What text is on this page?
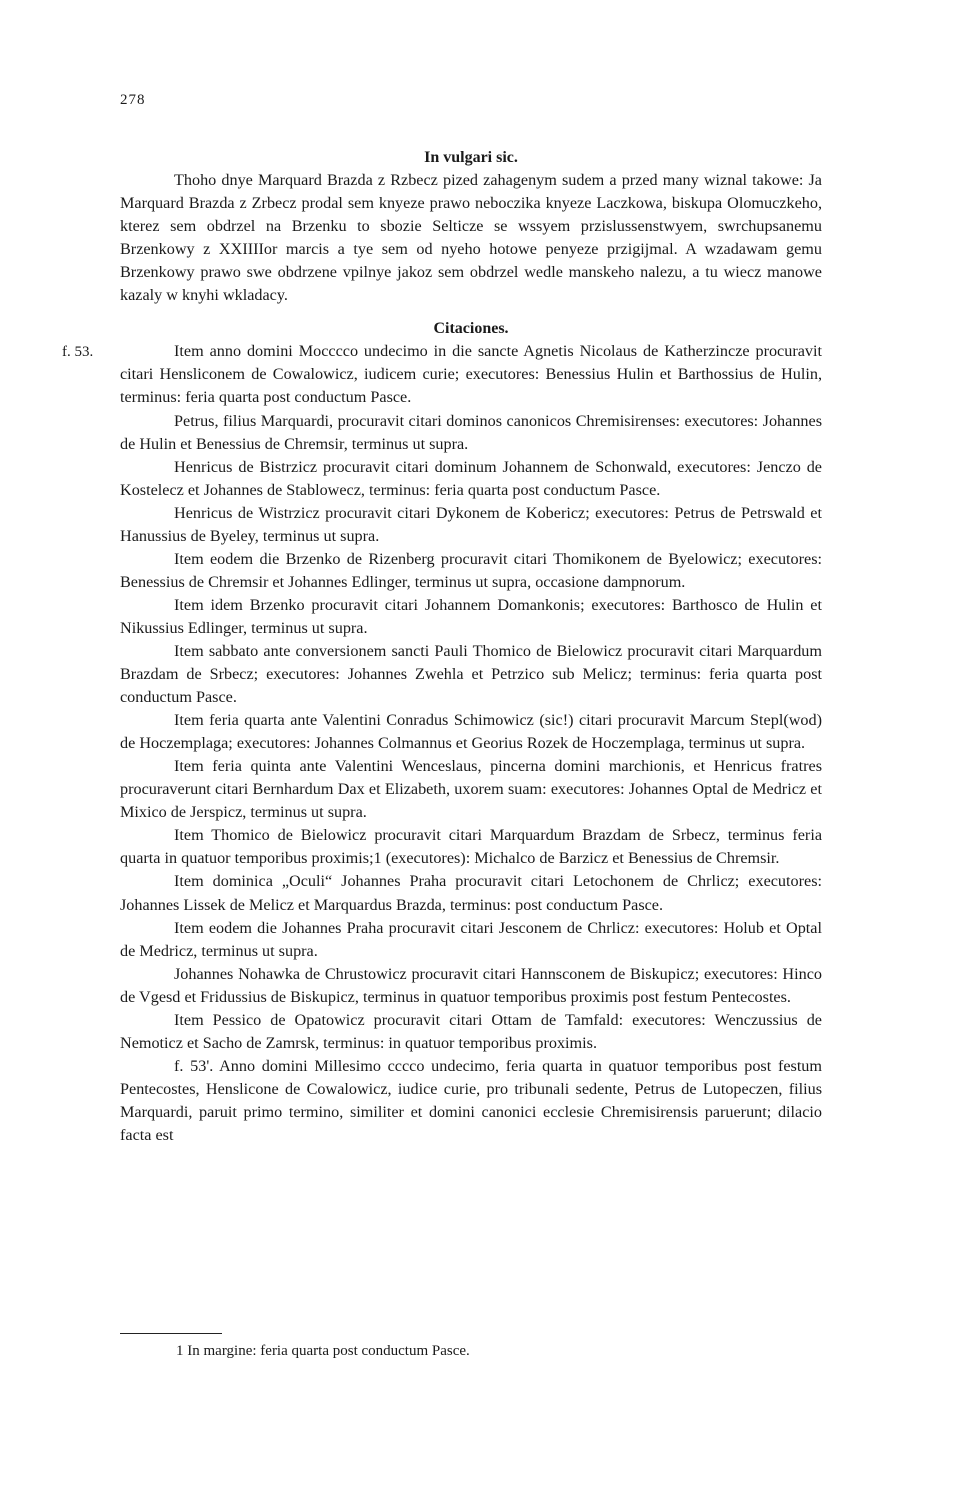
278
f. 53.

In vulgari sic.

Thoho dnye Marquard Brazda z Rzbecz pized zahagenym sudem a przed many wiznal takowe: Ja Marquard Brazda z Zrbecz prodal sem knyeze prawo neboczika knyeze Laczkowa, biskupa Olomuczkeho, kterez sem obdrzel na Brzenku to sbozie Selticze se wssyem przislussenstwyem, swrchupsanemu Brzenkowy z XXIIIIor marcis a tye sem od nyeho hotowe penyeze przigijmal. A wzadawam gemu Brzenkowy prawo swe obdrzene vpilnye jakoz sem obdrzel wedle manskeho nalezu, a tu wiecz manowe kazaly w knyhi wkladacy.

Citaciones.

Item anno domini Mocccco undecimo in die sancte Agnetis Nicolaus de Katherzincze procuravit citari Hensliconem de Cowalowicz, iudicem curie; executores: Benessius Hulin et Barthossius de Hulin, terminus: feria quarta post conductum Pasce.

Petrus, filius Marquardi, procuravit citari dominos canonicos Chremisirenses: executores: Johannes de Hulin et Benessius de Chremsir, terminus ut supra.

Henricus de Bistrzicz procuravit citari dominum Johannem de Schonwald, executores: Jenczo de Kostelecz et Johannes de Stablowecz, terminus: feria quarta post conductum Pasce.

Henricus de Wistrzicz procuravit citari Dykonem de Kobericz; executores: Petrus de Petrswald et Hanussius de Byeley, terminus ut supra.

Item eodem die Brzenko de Rizenberg procuravit citari Thomikonem de Byelowicz; executores: Benessius de Chremsir et Johannes Edlinger, terminus ut supra, occasione dampnorum.

Item idem Brzenko procuravit citari Johannem Domankonis; executores: Barthosco de Hulin et Nikussius Edlinger, terminus ut supra.

Item sabbato ante conversionem sancti Pauli Thomico de Bielowicz procuravit citari Marquardum Brazdam de Srbecz; executores: Johannes Zwehla et Petrzico sub Melicz; terminus: feria quarta post conductum Pasce.

Item feria quarta ante Valentini Conradus Schimowicz (sic!) citari procuravit Marcum Stepl(wod) de Hoczemplaga; executores: Johannes Colmannus et Georius Rozek de Hoczemplaga, terminus ut supra.

Item feria quinta ante Valentini Wenceslaus, pincerna domini marchionis, et Henricus fratres procuraverunt citari Bernhardum Dax et Elizabeth, uxorem suam: executores: Johannes Optal de Medricz et Mixico de Jerspicz, terminus ut supra.

Item Thomico de Bielowicz procuravit citari Marquardum Brazdam de Srbecz, terminus feria quarta in quatuor temporibus proximis;1 (executores): Michalco de Barzicz et Benessius de Chremsir.

Item dominica „Oculi“ Johannes Praha procuravit citari Letochonem de Chrlicz; executores: Johannes Lissek de Melicz et Marquardus Brazda, terminus: post conductum Pasce.

Item eodem die Johannes Praha procuravit citari Jesconem de Chrlicz: executores: Holub et Optal de Medricz, terminus ut supra.

Johannes Nohawka de Chrustowicz procuravit citari Hannsconem de Biskupicz; executores: Hinco de Vgesd et Fridussius de Biskupicz, terminus in quatuor temporibus proximis post festum Pentecostes.

Item Pessico de Opatowicz procuravit citari Ottam de Tamfald: executores: Wenczussius de Nemoticz et Sacho de Zamrsk, terminus: in quatuor temporibus proximis.

f. 53'. Anno domini Millesimo cccco undecimo, feria quarta in quatuor temporibus post festum Pentecostes, Henslicone de Cowalowicz, iudice curie, pro tribunali sedente, Petrus de Lutopeczen, filius Marquardi, paruit primo termino, similiter et domini canonici ecclesie Chremisirensis paruerunt; dilacio facta est

1 In margine: feria quarta post conductum Pasce.
